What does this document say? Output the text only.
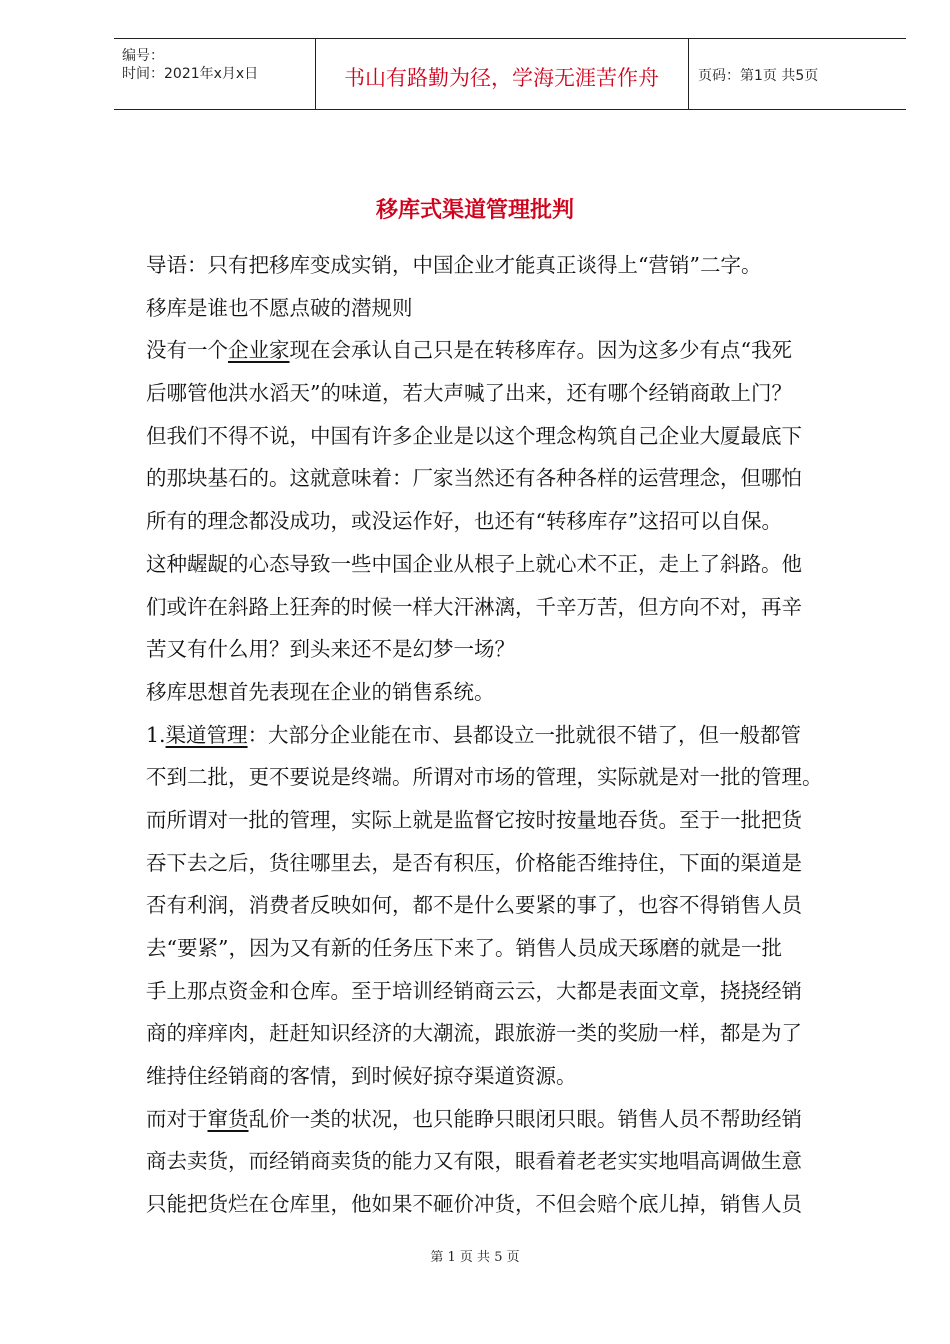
编号：
时间：2021年x月x日	书山有路勤为径，学海无涯苦作舟	页码：第1页 共5页
移库式渠道管理批判
导语：只有把移库变成实销，中国企业才能真正谈得上“营销”二字。
移库是谁也不愿点破的潜规则
没有一个企业家现在会承认自己只是在转移库存。因为这多少有点“我死
后哪管他洪水滔天”的味道，若大声喊了出来，还有哪个经销商敢上门？
但我们不得不说，中国有许多企业是以这个理念构筑自己企业大厦最底下
的那块基石的。这就意味着：厂家当然还有各种各样的运营理念，但哪怕
所有的理念都没成功，或没运作好，也还有“转移库存”这招可以自保。
这种龌龊的心态导致一些中国企业从根子上就心术不正，走上了斜路。他
们或许在斜路上狂奔的时候一样大汗淋漓，千辛万苦，但方向不对，再辛
苦又有什么用？到头来还不是幻梦一场？
移库思想首先表现在企业的销售系统。
1.渠道管理：大部分企业能在市、县都设立一批就很不错了，但一般都管
不到二批，更不要说是终端。所谓对市场的管理，实际就是对一批的管理。
而所谓对一批的管理，实际上就是监督它按时按量地吞货。至于一批把货
吞下去之后，货往哪里去，是否有积压，价格能否维持住，下面的渠道是
否有利润，消费者反映如何，都不是什么要紧的事了，也容不得销售人员
去“要紧”，因为又有新的任务压下来了。销售人员成天琢磨的就是一批
手上那点资金和仓库。至于培训经销商云云，大都是表面文章，挠挠经销
商的痒痒肉，赶赶知识经济的大潮流，跟旅游一类的奖励一样，都是为了
维持住经销商的客情，到时候好掠夺渠道资源。
而对于窜货乱价一类的状况，也只能睁只眼闭只眼。销售人员不帮助经销
商去卖货，而经销商卖货的能力又有限，眼看着老老实实地唱高调做生意
只能把货烂在仓库里，他如果不砸价冲货，不但会赔个底儿掉，销售人员
第 1 页 共 5 页
